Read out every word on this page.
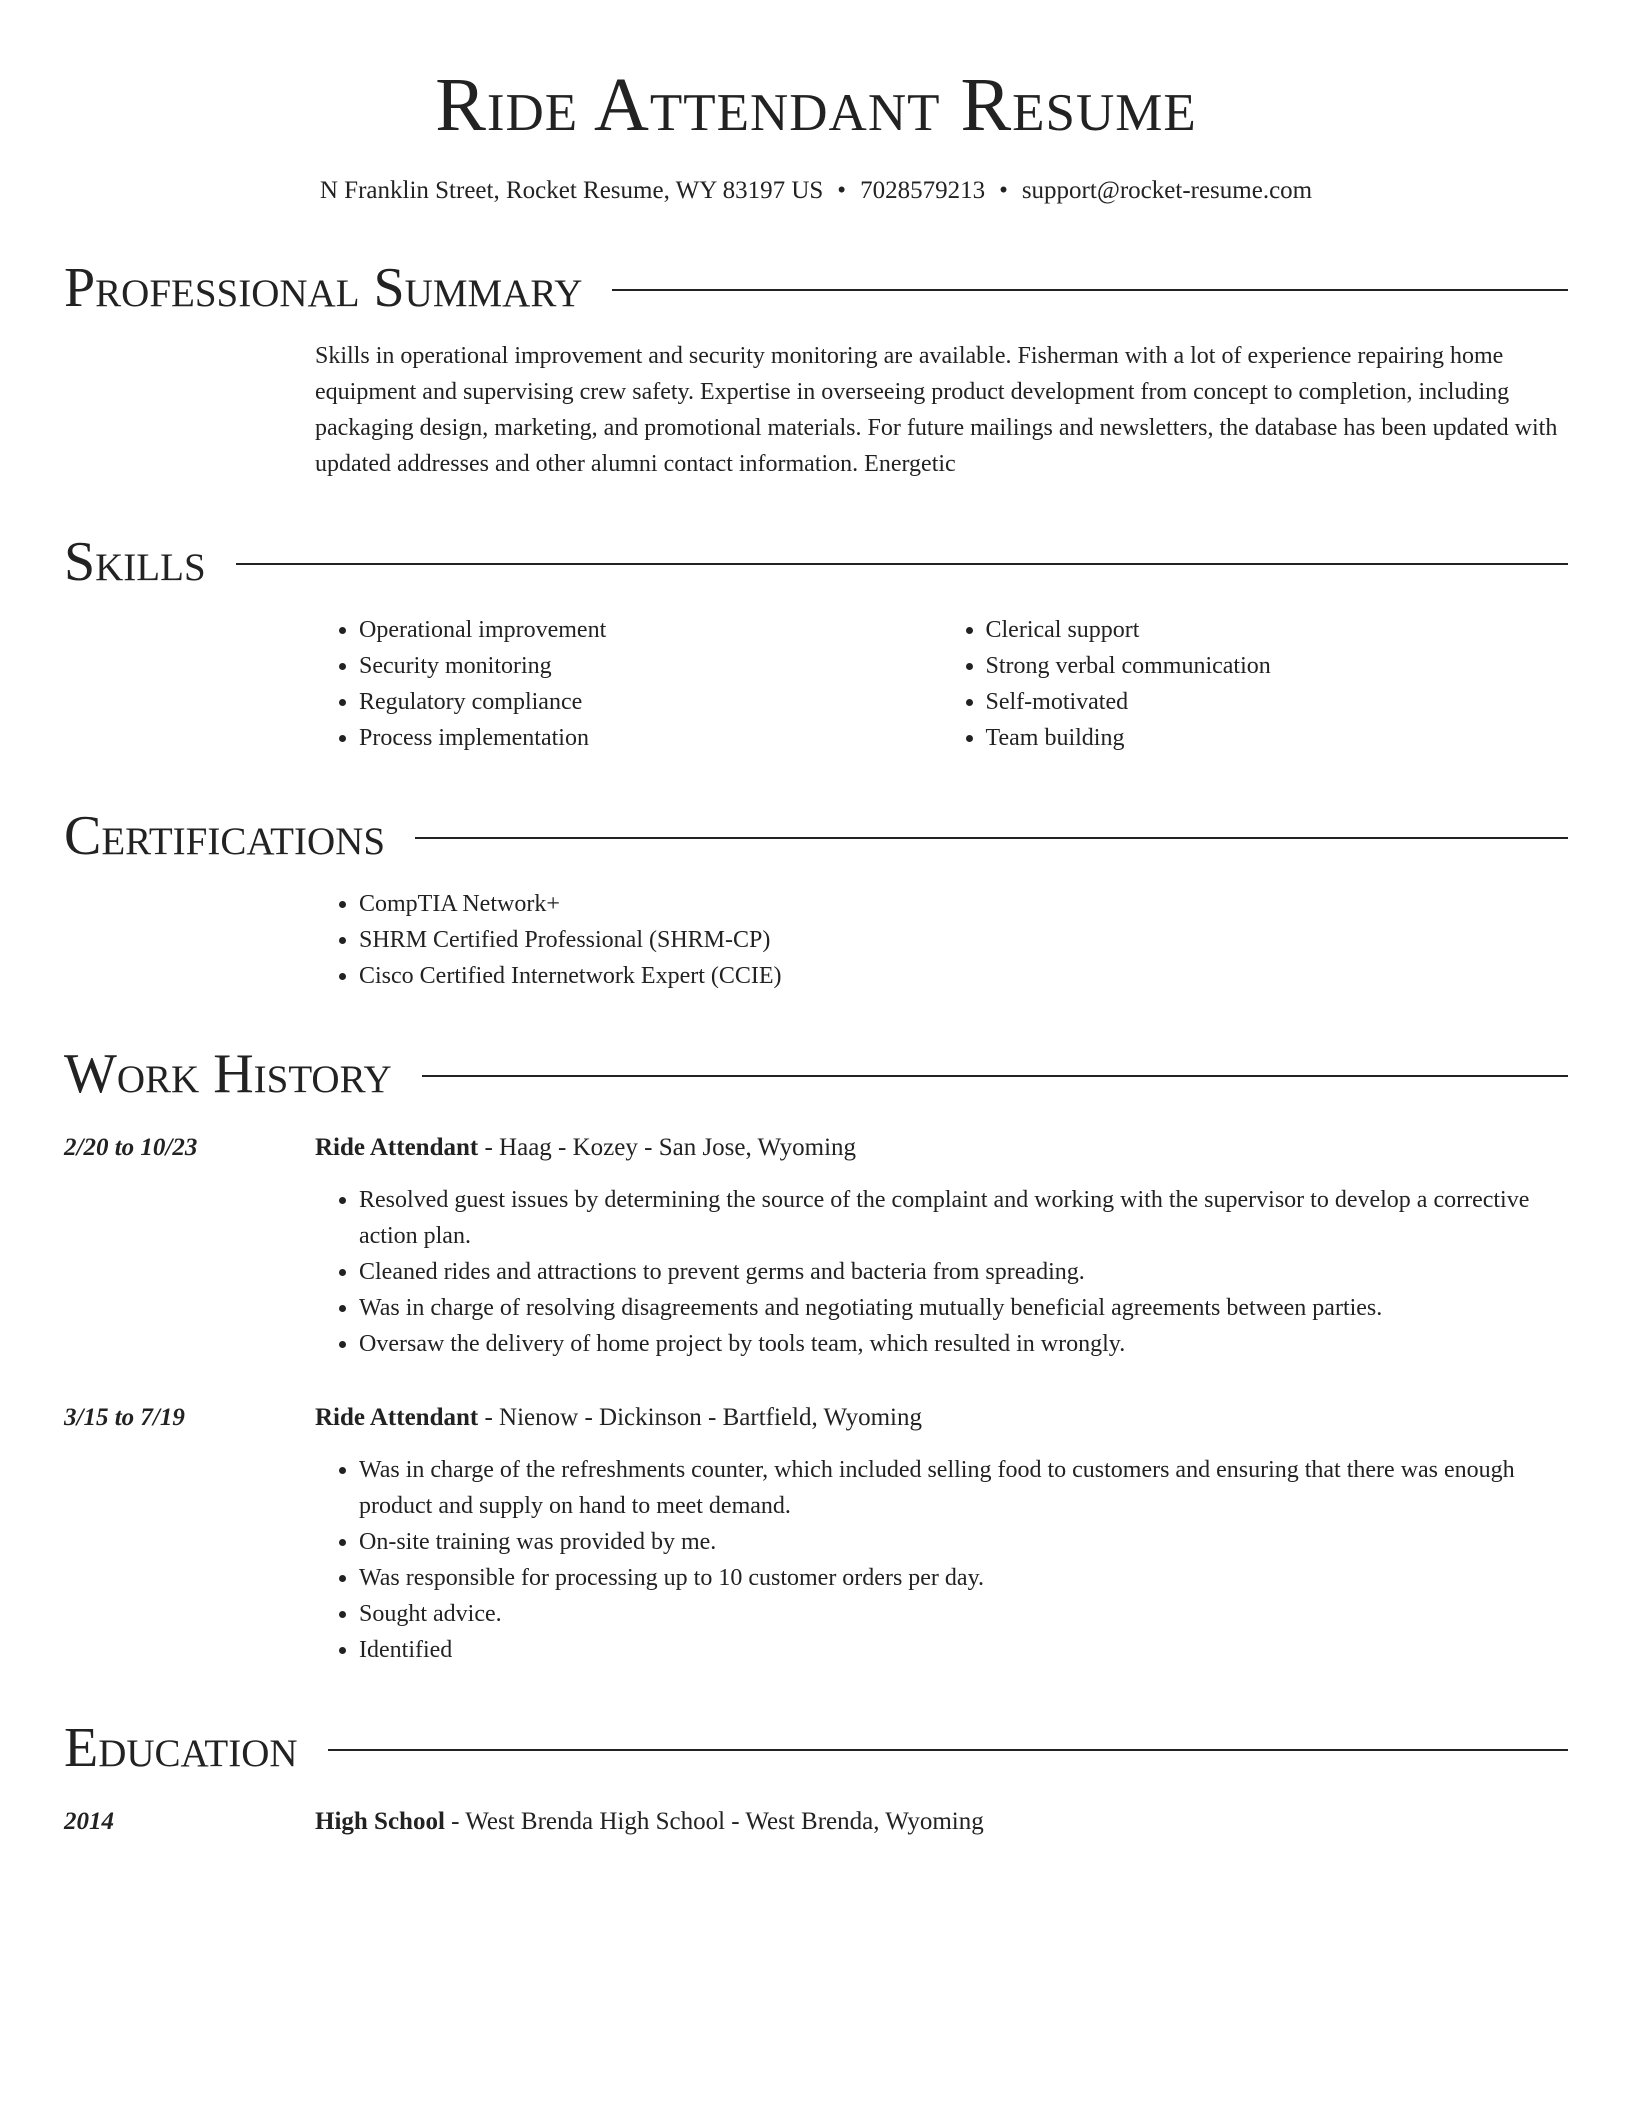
Ride Attendant Resume
N Franklin Street, Rocket Resume, WY 83197 US • 7028579213 • support@rocket-resume.com
Professional Summary
Skills in operational improvement and security monitoring are available. Fisherman with a lot of experience repairing home equipment and supervising crew safety. Expertise in overseeing product development from concept to completion, including packaging design, marketing, and promotional materials. For future mailings and newsletters, the database has been updated with updated addresses and other alumni contact information. Energetic
Skills
• Operational improvement
• Security monitoring
• Regulatory compliance
• Process implementation
• Clerical support
• Strong verbal communication
• Self-motivated
• Team building
Certifications
• CompTIA Network+
• SHRM Certified Professional (SHRM-CP)
• Cisco Certified Internetwork Expert (CCIE)
Work History
2/20 to 10/23	Ride Attendant - Haag - Kozey - San Jose, Wyoming
• Resolved guest issues by determining the source of the complaint and working with the supervisor to develop a corrective action plan.
• Cleaned rides and attractions to prevent germs and bacteria from spreading.
• Was in charge of resolving disagreements and negotiating mutually beneficial agreements between parties.
• Oversaw the delivery of home project by tools team, which resulted in wrongly.
3/15 to 7/19	Ride Attendant - Nienow - Dickinson - Bartfield, Wyoming
• Was in charge of the refreshments counter, which included selling food to customers and ensuring that there was enough product and supply on hand to meet demand.
• On-site training was provided by me.
• Was responsible for processing up to 10 customer orders per day.
• Sought advice.
• Identified
Education
2014	High School - West Brenda High School - West Brenda, Wyoming
